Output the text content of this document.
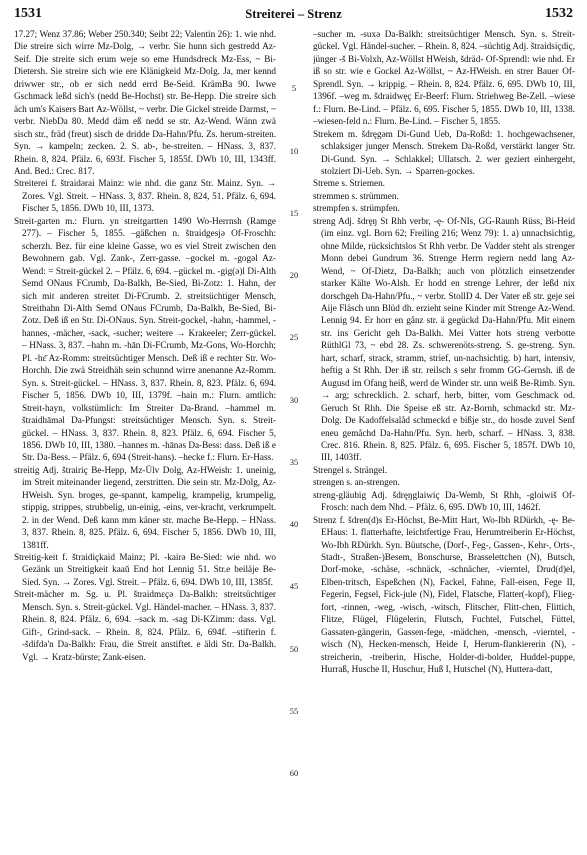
1531	Streiterei – Strenz	1532

17.27; Wenz 37.86; Weber 250.340; Seibt 22; Valentin 26): 1. wie nhd. Die streire sich wirre Mz-Dolg, → verbr. Sie hunn sich gestredd Az-Seif. Die streite sich erum weje so eme Hundsdreck Mz-Ess, ~ Bi-Dietersh. Sie streire sich wie ere Klänigkeid Mz-Dolg. Ja, mer kennd driwwer str., ob er sich nedd errd Be-Seid. KrämBa 90. Iwwe Gschmack leßd sich's (nedd Be-Hochst) str. Be-Hepp. Die streire sich äch um's Kaisers Bart Az-Wöllst, ~ verbr. Die Gickel streide Darmst, ~ verbr. NiebDa 80. Medd däm eß nedd se str. Az-Wend. Wänn zwä sisch str., fräd (freut) sisch de dridde Da-Hahn/Pfu. Zs. herum-streiten. Syn. → kampeln; zecken. 2. S. ab-, be-streiten. – HNass. 3, 837. Rhein. 8, 824. Pfälz. 6, 693f. Fischer 5, 1855f. DWb 10, III, 1343ff. And. Bed.: Crec. 817.

Streiterei f. štraidərai Mainz: wie nhd. die ganz Str. Mainz. Syn. → Zores. Vgl. Streit. – HNass. 3, 837. Rhein. 8, 824, 51. Pfälz. 6, 694. Fischer 5, 1856. DWb 10, III, 1373.

Streit-garten m.: Flurn. yn streitgartten 1490 Wo-Herrnsh (Ramge 277). – Fischer 5, 1855. –gäßchen n. štraidgesjə Of-Froschh: scherzh. Bez. für eine kleine Gasse, wo es viel Streit zwischen den Bewohnern gab. Vgl. Zank-, Zerr-gasse. –gockel m. -gogəl Az-Wend: = Streit-gückel 2. – Pfälz. 6, 694. –gückel m. -gig(ə)l Di-Alth Semd ONaus FCrumb, Da-Balkh, Be-Sied, Bi-Zotz: 1. Hahn, der sich mit anderen streitet Di-FCrumb. 2. streitsüchtiger Mensch, Streithahn Di-Alth Semd ONaus FCrumb, Da-Balkh, Be-Sied, Bi-Zotz. Deß iß en Str. Di-ONaus. Syn. Streit-gockel, -hahn, -hammel, -hannes, -mächer, -sack, -sucher; weitere → Krakeeler; Zerr-gückel. – HNass. 3, 837. –hahn m. -hān Di-FCrumb, Mz-Gons, Wo-Horchh; Pl. -hɛ̄ Az-Romm: streitsüchtiger Mensch. Deß iß e rechter Str. Wo-Horchh. Die zwä Streidhäh sein schunnd wirre anenanne Az-Romm. Syn. s. Streit-gückel. – HNass. 3, 837. Rhein. 8, 823. Pfälz. 6, 694. Fischer 5, 1856. DWb 10, III, 1379f. –hain m.: Flurn. amtlich: Streit-hayn, volkstümlich: Im Streiter Da-Brand. –hammel m. štraidhāməl Da-Pfungst: streitsüchtiger Mensch. Syn. s. Streit-gückel. – HNass. 3, 837. Rhein. 8, 823. Pfälz. 6, 694. Fischer 5, 1856. DWb 10, III, 1380. –hannes m. -hānəs Da-Bess: dass. Deß iß e Str. Da-Bess. – Pfälz. 6, 694 (Streit-hans). –hecke f.: Flurn. Er-Hass.

streitig Adj. štrairiç Be-Hepp, Mz-Ülv Dolg, Az-HWeish: 1. uneinig, im Streit miteinander liegend, zerstritten. Die sein str. Mz-Dolg, Az-HWeish. Syn. broges, ge-spannt, kampelig, krampelig, krumpelig, stippig, strippes, strubbelig, un-einig, -eins, ver-kracht, verkrumpelt. 2. in der Wend. Deß kann mm käner str. mache Be-Hepp. – HNass. 3, 837. Rhein. 8, 825. Pfälz. 6, 694. Fischer 5, 1856. DWb 10, III, 1381ff.

Streitig-keit f. štraidiçkaid Mainz; Pl. -kairə Be-Sied: wie nhd. wo Gezänk un Streitigkeit kaaŭ End hot Lennig 51. Str.e beiläje Be-Sied. Syn. → Zores. Vgl. Streit. – Pfälz. 6, 694. DWb 10, III, 1385f.

Streit-mächer m. Sg. u. Pl. štraidmɛçə Da-Balkh: streitsüchtiger Mensch. Syn. s. Streit-gückel. Vgl. Händel-macher. – HNass. 3, 837. Rhein. 8, 824. Pfälz. 6, 694. –sack m. -sag Di-KZimm: dass. Vgl. Gift-, Grind-sack. – Rhein. 8, 824. Pfälz. 6, 694f. –stifterin f. -šdifdə'n Da-Balkh: Frau, die Streit anstiftet. e äldi Str. Da-Balkh. Vgl. → Kratz-bürste; Zank-eisen.

5
10
15
20
25
30
35
40
45
50
55
60

–sucher m. -suxə Da-Balkh: streitsüchtiger Mensch. Syn. s. Streit-gückel. Vgl. Händel-sucher. – Rhein. 8, 824. –süchtig Adj. štraidsiçdiç, jünger -š Bi-Volxh, Az-Wöllst HWeish, šdräd- Of-Sprendl: wie nhd. Er iß so str. wie e Gockel Az-Wöllst, ~ Az-HWeish. en strer Bauer Of-Sprendl. Syn. → krippig. – Rhein. 8, 824. Pfälz. 6, 695. DWb 10, III, 1396f. –weg m. šdraidwęç Er-Beerf: Flurn. Striehweg Be-Zell. –wiese f.: Flurn. Be-Lind. – Pfälz. 6, 695. Fischer 5, 1855. DWb 10, III, 1338. –wiesen-feld n.: Flurn. Be-Lind. – Fischer 5, 1855.

Strekem m. šdręgəm Di-Gund Ueb, Da-Roßd: 1. hochgewachsener, schlaksiger junger Mensch. Strekem Da-Roßd, verstärkt langer Str. Di-Gund. Syn. → Schlakkel; Ullatsch. 2. wer geziert einhergeht, stolziert Di-Ueb. Syn. → Sparren-gockes.

Streme s. Striemen.

stremmen s. strümmen.

strempfen s. strümpfen.

streng Adj. šdręŋ St Rhh verbr, -ę- Of-NIs, GG-Raunh Rüss, Bi-Heid (im einz. vgl. Born 62; Freiling 216; Wenz 79): 1. a) unnachsichtig, ohne Milde, rücksichtslos St Rhh verbr. De Vadder steht als strenger Monn debei Gundrum 36. Strenge Herrn regiern nedd lang Az-Wend, ~ Of-Dietz, Da-Balkh; auch von plötzlich einsetzender starker Kälte Wo-Alsh. Er hodd en strenge Lehrer, der leßd nix dorschgeh Da-Hahn/Pfu., ~ verbr. StollD 4. Der Vater eß str. geje sei Aije Fläsch unn Blüd dh. erzieht seine Kinder mit Strenge Az-Wend. Lennig 94. Er horr en gånz str. ä gegückd Da-Hahn/Pfu. Mit einem str. ins Gericht geh Da-Balkh. Mei Vatter hots streng verbotte RüthlGl 73, ~ ebd 28. Zs. schwerenöts-streng. S. ge-streng. Syn. hart, scharf, strack, stramm, strief, un-nachsichtig. b) hart, intensiv, heftig a St Rhh. Der iß str. reilsch s sehr fromm GG-Gernsh. iß de Augusd im Ofang heiß, werd de Winder str. unn weiß Be-Rimb. Syn. → arg; schrecklich. 2. scharf, herb, bitter, vom Geschmack od. Geruch St Rhh. Die Speise eß str. Az-Bornh, schmackd str. Mz-Dolg. De Kadoffelsalåd schmeckd e bißje str., do hosde zuvel Senf eneu gemåchd Da-Hahn/Pfu. Syn. herb, scharf. – HNass. 3, 838. Crec. 816. Rhein. 8, 825. Pfälz. 6, 695. Fischer 5, 1857f. DWb 10, III, 1403ff.

Strengel s. Strängel.

strengen s. an-strengen.

streng-gläubig Adj. šdręŋglaiwiç Da-Wemb, St Rhh, -gloiwiš Of-Frosch: nach dem Nhd. – Pfälz. 6, 695. DWb 10, III, 1462f.

Strenz f. šdren(d)s Er-Höchst, Be-Mitt Hart, Wo-Ibh RDürkh, -ę- Be-EHaus: 1. flatterhafte, leichtfertige Frau, Herumtreiberin Er-Höchst, Wo-Ibh RDürkh. Syn. Büutsche, (Dorf-, Feg-, Gassen-, Kehr-, Orts-, Stadt-, Straßen-)Besem, Bonschurse, Brasselettchen (N), Butsch, Dorf-moke, -schäse, -schnäck, -schnächer, -vierntel, Drud(d)el, Elben-tritsch, Espeßchen (N), Fackel, Fahne, Fall-eisen, Fege II, Fegerin, Fegsel, Fick-jule (N), Fidel, Flatsche, Flatter(-kopf), Flieg-fort, -rinnen, -weg, -wisch, -witsch, Flitscher, Flitt-chen, Flittich, Flitze, Flügel, Flügelerin, Flutsch, Fuchtel, Futschel, Füttel, Gassaten-gängerin, Gassen-fege, -mädchen, -mensch, -vierntel, -wisch (N), Hecken-mensch, Heide I, Herum-flankiererin (N), -streicherin, -treiberin, Hische, Holder-di-bolder, Huddel-puppe, Hurraß, Husche II, Huschur, Huß I, Hutschel (N), Huttera-datt,
